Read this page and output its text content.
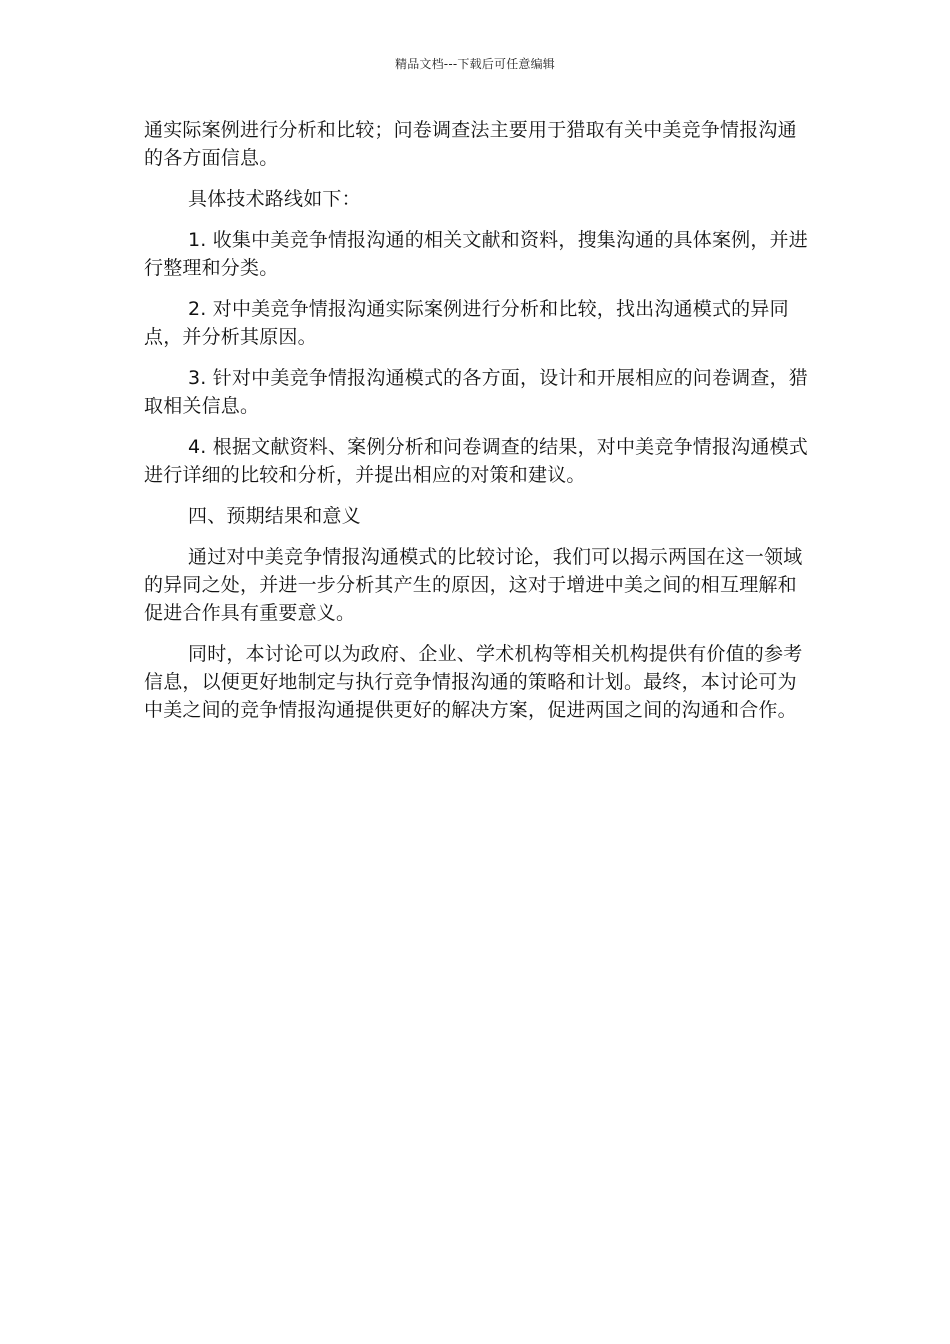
精品文档---下载后可任意编辑

通实际案例进行分析和比较；问卷调查法主要用于猎取有关中美竞争情报沟通的各方面信息。

具体技术路线如下：

1. 收集中美竞争情报沟通的相关文献和资料，搜集沟通的具体案例，并进行整理和分类。

2. 对中美竞争情报沟通实际案例进行分析和比较，找出沟通模式的异同点，并分析其原因。

3. 针对中美竞争情报沟通模式的各方面，设计和开展相应的问卷调查，猎取相关信息。

4. 根据文献资料、案例分析和问卷调查的结果，对中美竞争情报沟通模式进行详细的比较和分析，并提出相应的对策和建议。

四、预期结果和意义

通过对中美竞争情报沟通模式的比较讨论，我们可以揭示两国在这一领域的异同之处，并进一步分析其产生的原因，这对于增进中美之间的相互理解和促进合作具有重要意义。

同时，本讨论可以为政府、企业、学术机构等相关机构提供有价值的参考信息，以便更好地制定与执行竞争情报沟通的策略和计划。最终，本讨论可为中美之间的竞争情报沟通提供更好的解决方案，促进两国之间的沟通和合作。
